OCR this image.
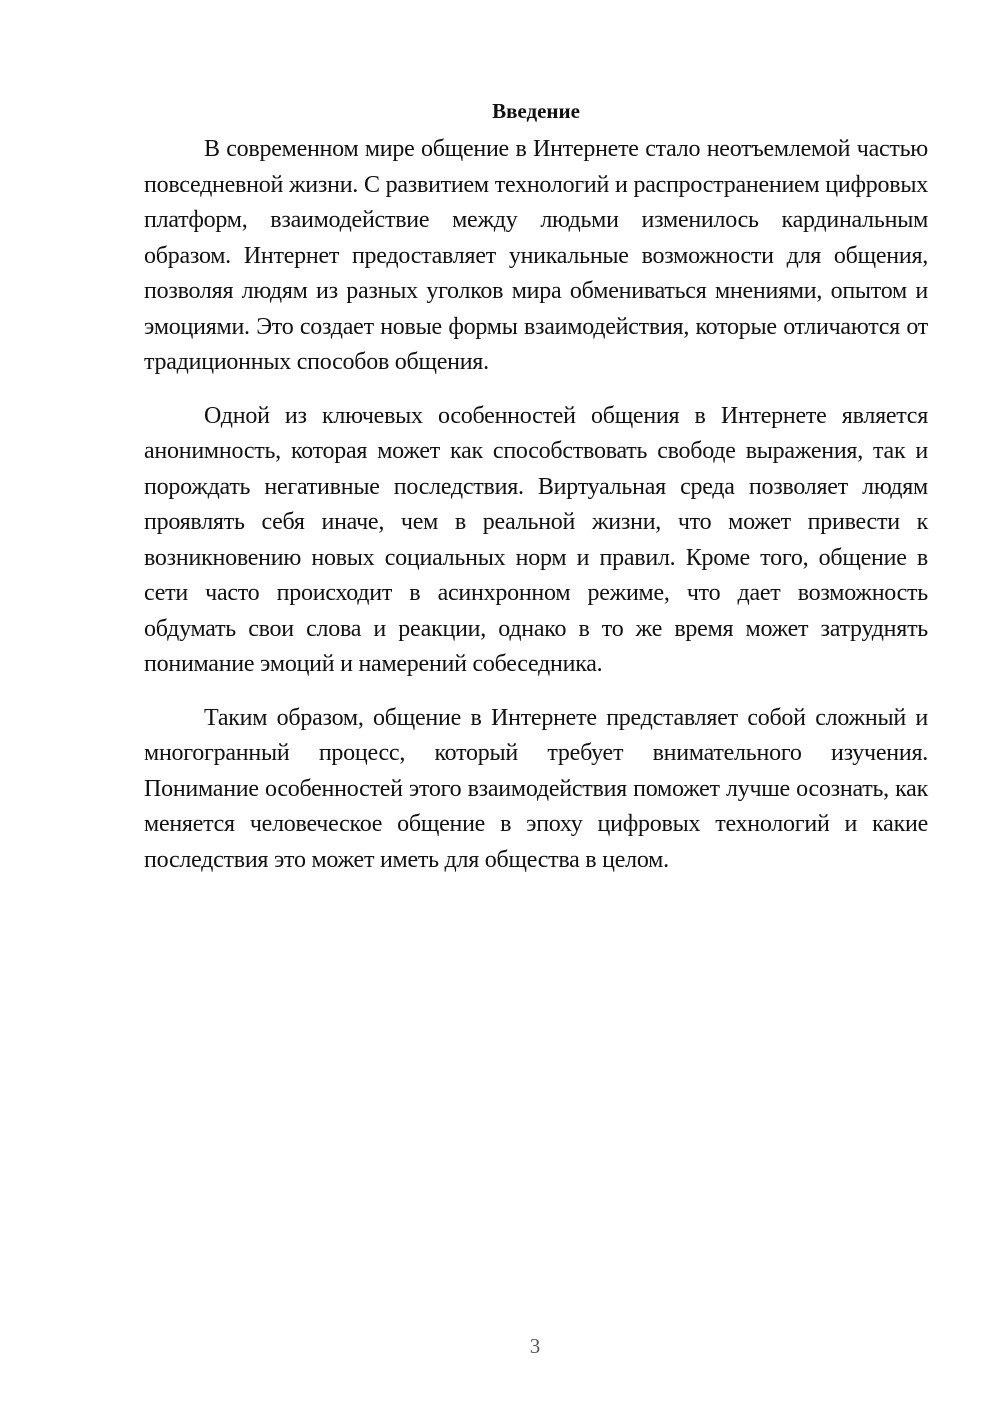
Введение

В современном мире общение в Интернете стало неотъемлемой частью повседневной жизни. С развитием технологий и распространением цифровых платформ, взаимодействие между людьми изменилось кардинальным образом. Интернет предоставляет уникальные возможности для общения, позволяя людям из разных уголков мира обмениваться мнениями, опытом и эмоциями. Это создает новые формы взаимодействия, которые отличаются от традиционных способов общения.

Одной из ключевых особенностей общения в Интернете является анонимность, которая может как способствовать свободе выражения, так и порождать негативные последствия. Виртуальная среда позволяет людям проявлять себя иначе, чем в реальной жизни, что может привести к возникновению новых социальных норм и правил. Кроме того, общение в сети часто происходит в асинхронном режиме, что дает возможность обдумать свои слова и реакции, однако в то же время может затруднять понимание эмоций и намерений собеседника.

Таким образом, общение в Интернете представляет собой сложный и многогранный процесс, который требует внимательного изучения. Понимание особенностей этого взаимодействия поможет лучше осознать, как меняется человеческое общение в эпоху цифровых технологий и какие последствия это может иметь для общества в целом.

3
